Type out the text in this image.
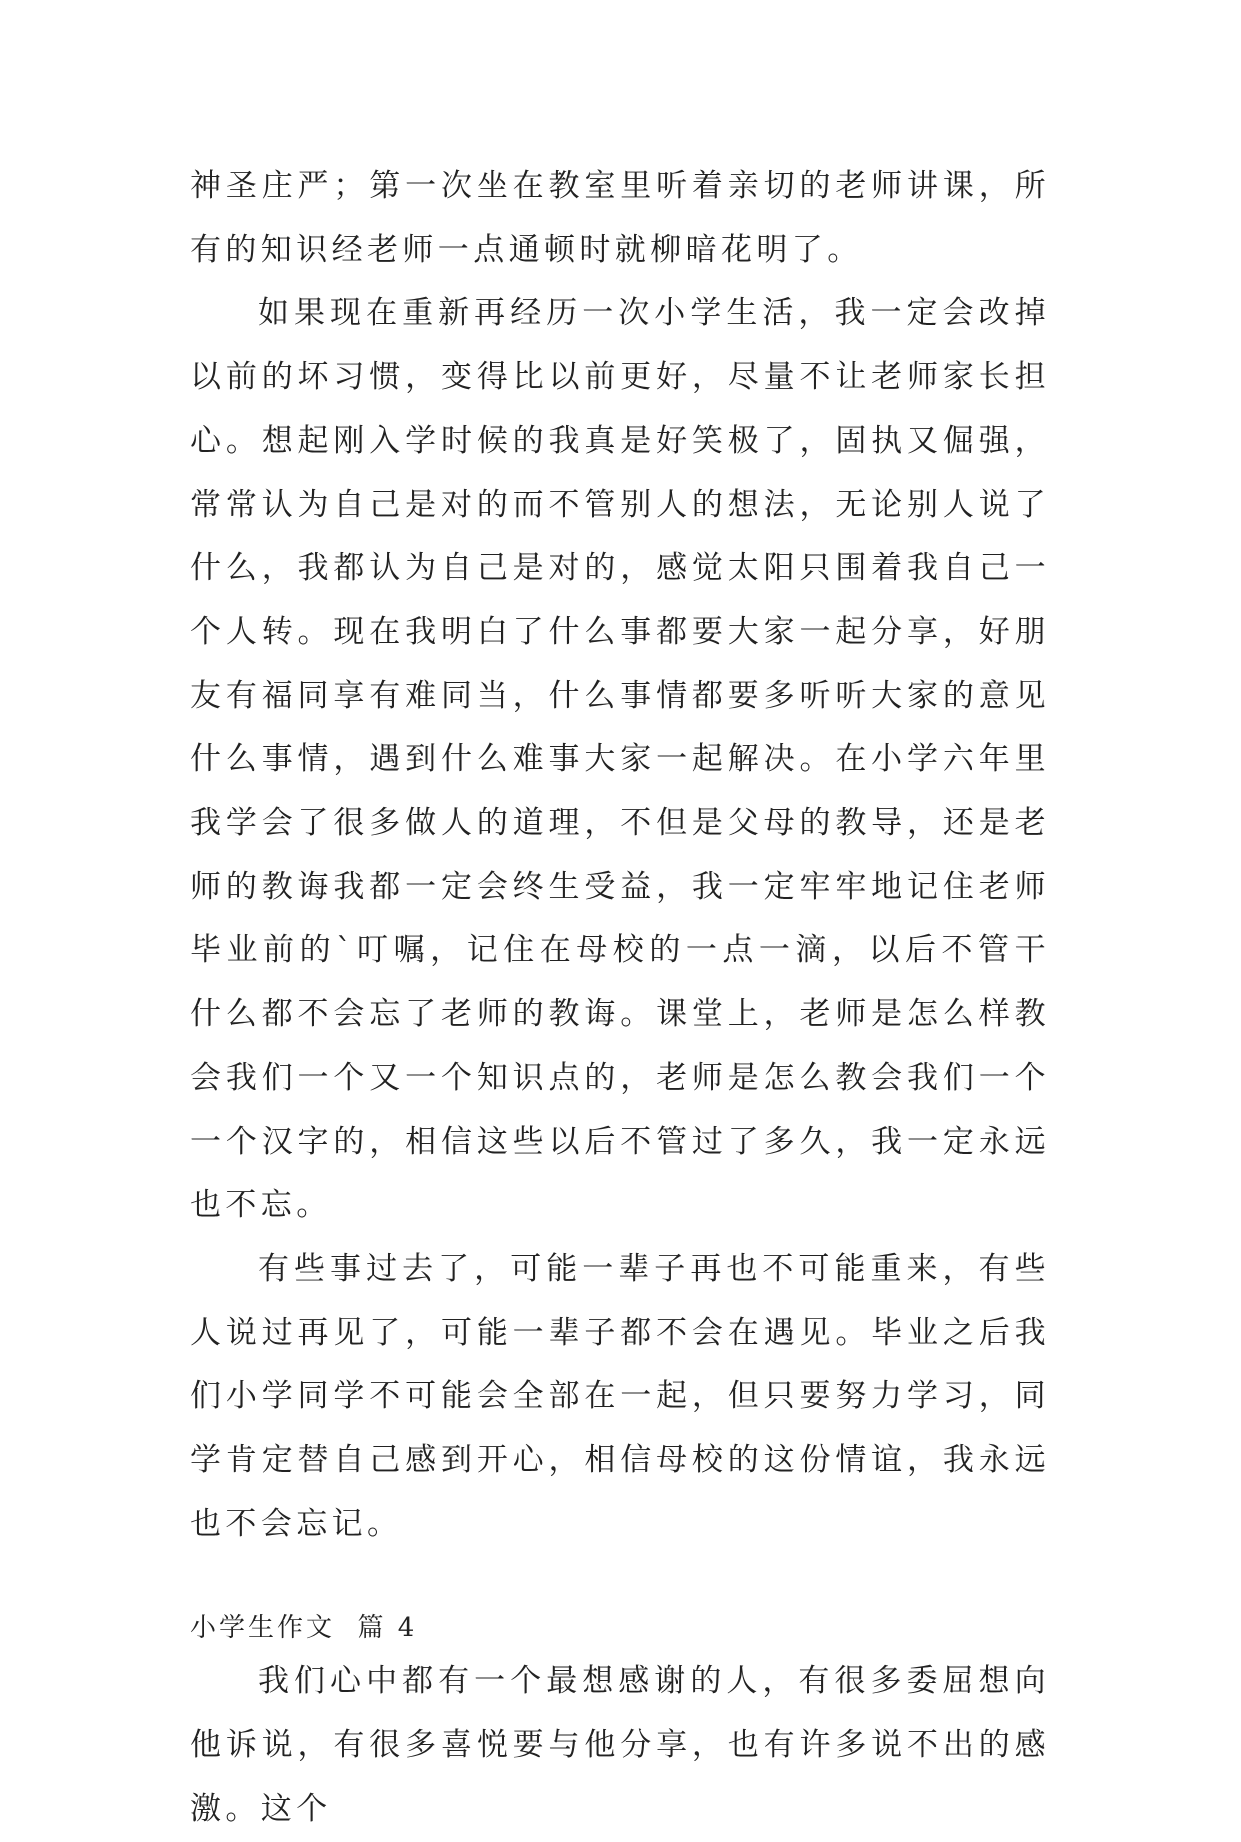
神圣庄严；第一次坐在教室里听着亲切的老师讲课，所有的知识经老师一点通顿时就柳暗花明了。

如果现在重新再经历一次小学生活，我一定会改掉以前的坏习惯，变得比以前更好，尽量不让老师家长担心。想起刚入学时候的我真是好笑极了，固执又倔强，常常认为自己是对的而不管别人的想法，无论别人说了什么，我都认为自己是对的，感觉太阳只围着我自己一个人转。现在我明白了什么事都要大家一起分享，好朋友有福同享有难同当，什么事情都要多听听大家的意见什么事情，遇到什么难事大家一起解决。在小学六年里我学会了很多做人的道理，不但是父母的教导，还是老师的教诲我都一定会终生受益，我一定牢牢地记住老师毕业前的`叮嘱，记住在母校的一点一滴，以后不管干什么都不会忘了老师的教诲。课堂上，老师是怎么样教会我们一个又一个知识点的，老师是怎么教会我们一个一个汉字的，相信这些以后不管过了多久，我一定永远也不忘。

有些事过去了，可能一辈子再也不可能重来，有些人说过再见了，可能一辈子都不会在遇见。毕业之后我们小学同学不可能会全部在一起，但只要努力学习，同学肯定替自己感到开心，相信母校的这份情谊，我永远也不会忘记。

小学生作文  篇 4

我们心中都有一个最想感谢的人，有很多委屈想向他诉说，有很多喜悦要与他分享，也有许多说不出的感激。这个
